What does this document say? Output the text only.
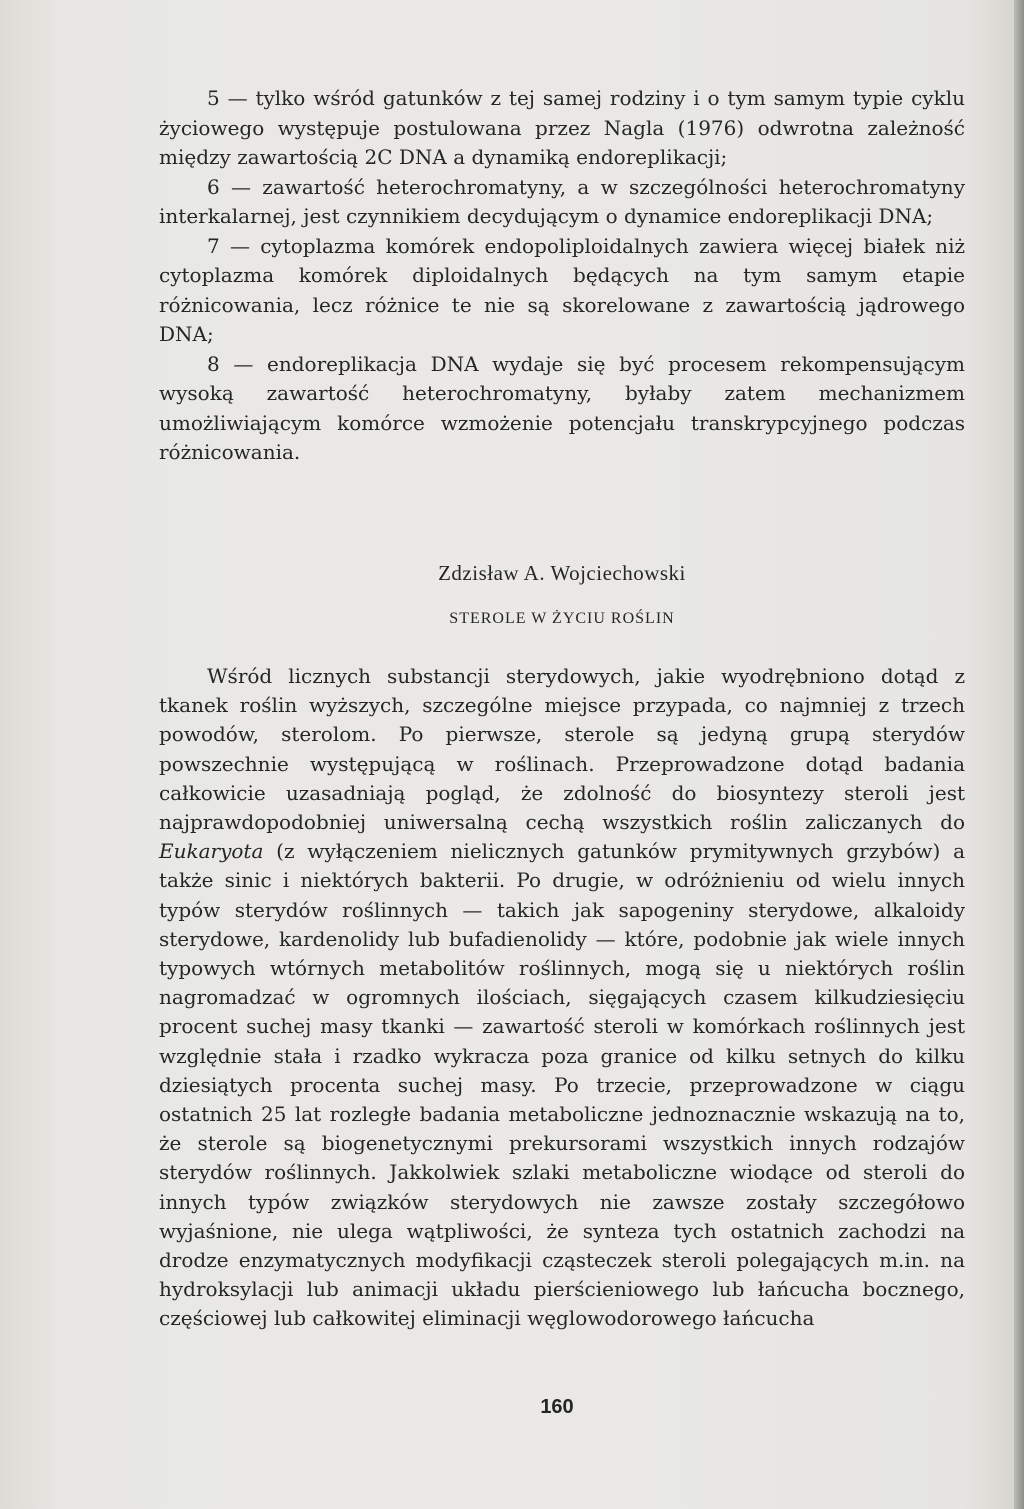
5 — tylko wśród gatunków z tej samej rodziny i o tym samym typie cyklu życiowego występuje postulowana przez Nagla (1976) odwrotna zależność między zawartością 2C DNA a dynamiką endoreplikacji;

6 — zawartość heterochromatyny, a w szczególności heterochromatyny interkalarnej, jest czynnikiem decydującym o dynamice endoreplikacji DNA;

7 — cytoplazma komórek endopoliploidalnych zawiera więcej białek niż cytoplazma komórek diploidalnych będących na tym samym etapie różnicowania, lecz różnice te nie są skorelowane z zawartością jądrowego DNA;

8 — endoreplikacja DNA wydaje się być procesem rekompensującym wysoką zawartość heterochromatyny, byłaby zatem mechanizmem umożliwiającym komórce wzmożenie potencjału transkrypcyjnego podczas różnicowania.

Zdzisław A. Wojciechowski
STEROLE W ŻYCIU ROŚLIN

Wśród licznych substancji sterydowych, jakie wyodrębniono dotąd z tkanek roślin wyższych, szczególne miejsce przypada, co najmniej z trzech powodów, sterolom. Po pierwsze, sterole są jedyną grupą sterydów powszechnie występującą w roślinach. Przeprowadzone dotąd badania całkowicie uzasadniają pogląd, że zdolność do biosyntezy steroli jest najprawdopodobniej uniwersalną cechą wszystkich roślin zaliczanych do Eukaryota (z wyłączeniem nielicznych gatunków prymitywnych grzybów) a także sinic i niektórych bakterii. Po drugie, w odróżnieniu od wielu innych typów sterydów roślinnych — takich jak sapogeniny sterydowe, alkaloidy sterydowe, kardenolidy lub bufadienolidy — które, podobnie jak wiele innych typowych wtórnych metabolitów roślinnych, mogą się u niektórych roślin nagromadzać w ogromnych ilościach, sięgających czasem kilkudziesięciu procent suchej masy tkanki — zawartość steroli w komórkach roślinnych jest względnie stała i rzadko wykracza poza granice od kilku setnych do kilku dziesiątych procenta suchej masy. Po trzecie, przeprowadzone w ciągu ostatnich 25 lat rozległe badania metaboliczne jednoznacznie wskazują na to, że sterole są biogenetycznymi prekursorami wszystkich innych rodzajów sterydów roślinnych. Jakkolwiek szlaki metaboliczne wiodące od steroli do innych typów związków sterydowych nie zawsze zostały szczegółowo wyjaśnione, nie ulega wątpliwości, że synteza tych ostatnich zachodzi na drodze enzymatycznych modyfikacji cząsteczek steroli polegających m.in. na hydroksylacji lub animacji układu pierścieniowego lub łańcucha bocznego, częściowej lub całkowitej eliminacji węglowodorowego łańcucha

160
